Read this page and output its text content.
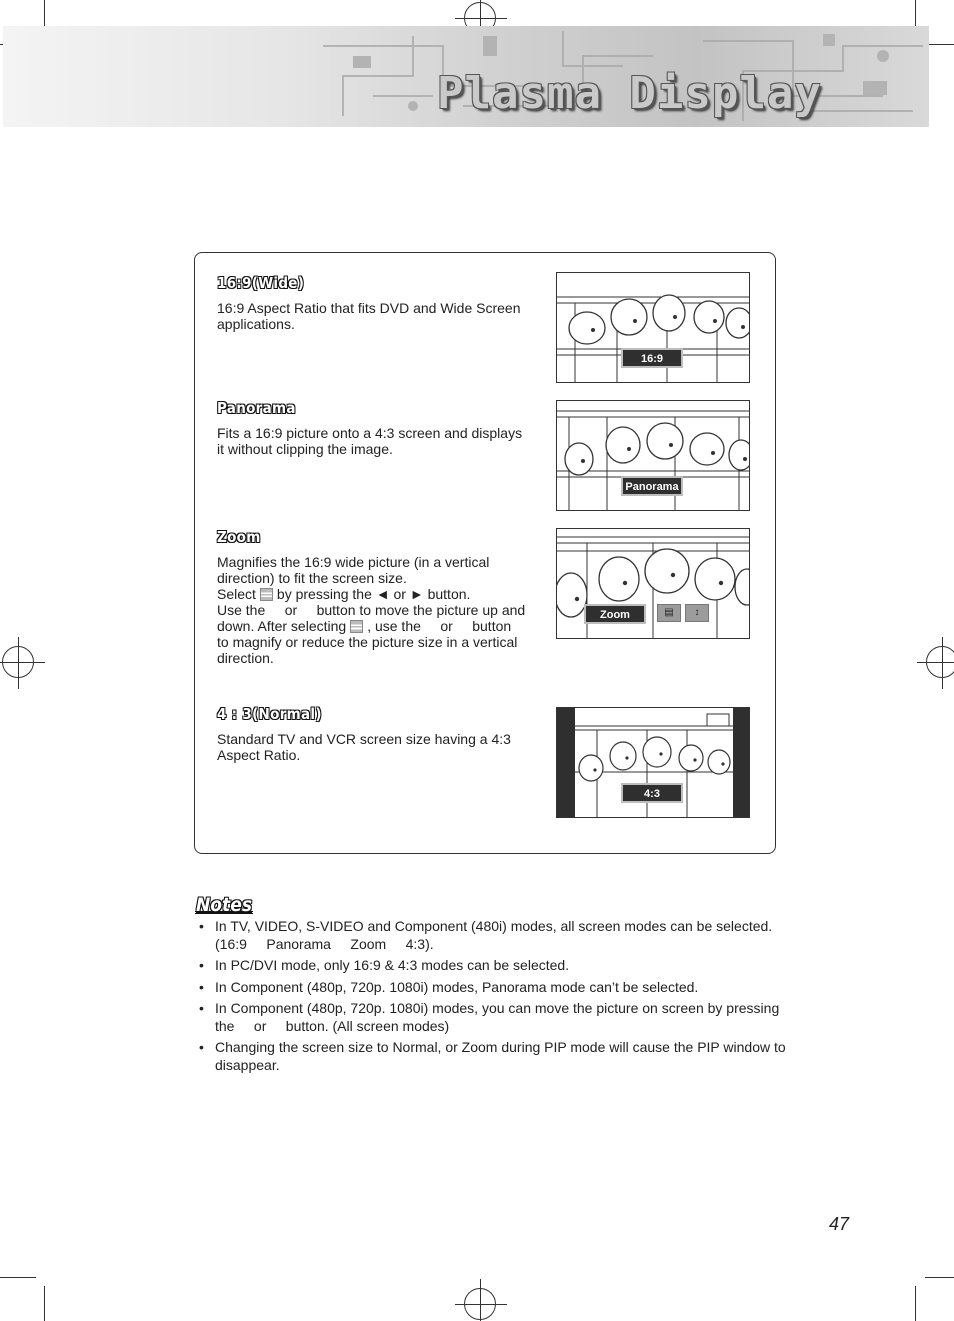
Plasma Display
16:9(Wide)
16:9 Aspect Ratio that fits DVD and Wide Screen
applications.
Panorama
Fits a 16:9 picture onto a 4:3 screen and displays
it without clipping the image.
Zoom
Magnifies the 16:9 wide picture (in a vertical
direction) to fit the screen size.
Select by pressing the ◄ or ► button.
Use the     or     button to move the picture up and
down. After selecting , use the     or     button
to magnify or reduce the picture size in a vertical
direction.
4 : 3(Normal)
Standard TV and VCR screen size having a 4:3
Aspect Ratio.
16:9
Panorama
Zoom	▤	↕
4:3
Notes
• In TV, VIDEO, S-VIDEO and Component (480i) modes, all screen modes can be selected.
(16:9     Panorama     Zoom     4:3).
• In PC/DVI mode, only 16:9 & 4:3 modes can be selected.
• In Component (480p, 720p. 1080i) modes, Panorama mode can’t be selected.
• In Component (480p, 720p. 1080i) modes, you can move the picture on screen by pressing
the     or     button. (All screen modes)
• Changing the screen size to Normal, or Zoom during PIP mode will cause the PIP window to
disappear.
47
